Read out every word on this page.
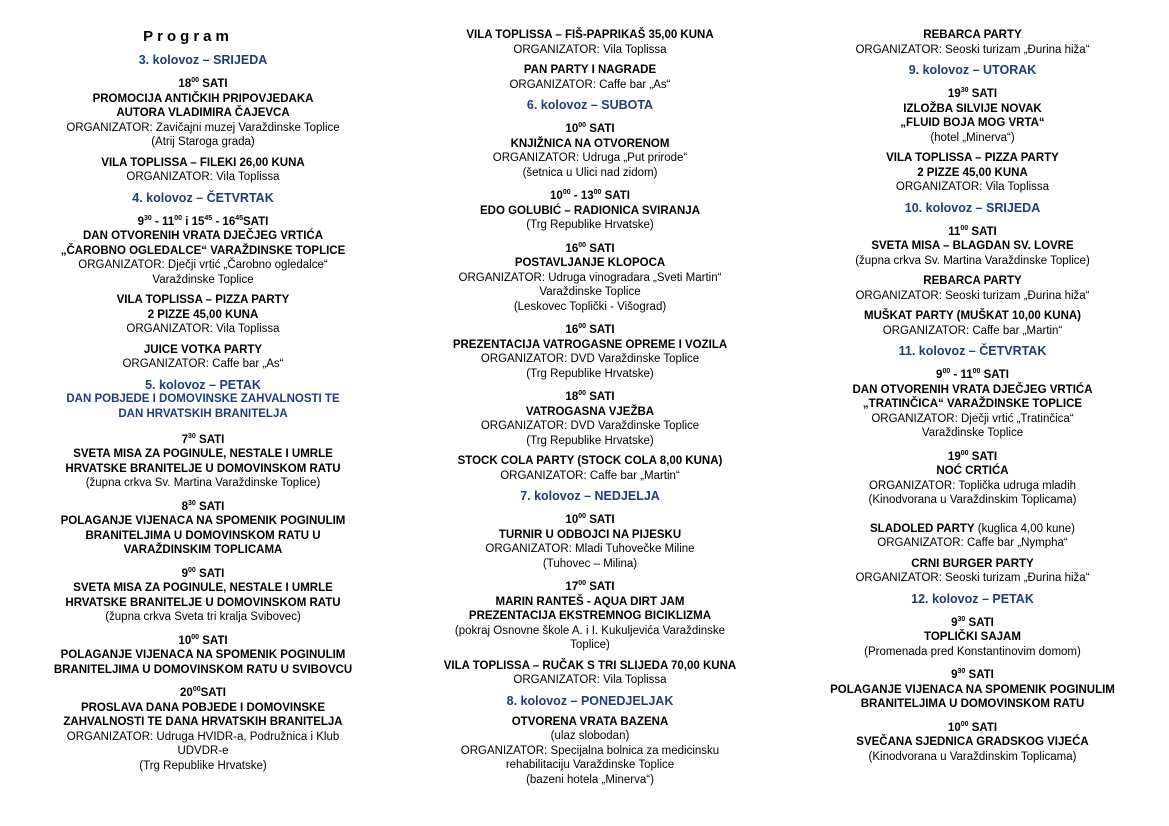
Program
3. kolovoz – SRIJEDA
$18^{00}$ SATI
PROMOCIJA ANTIČKIH PRIPOVJEDAKA
AUTORA VLADIMIRA ČAJEVCA
ORGANIZATOR: Zavičajni muzej Varaždinske Toplice
(Atrij Staroga grada)
VILA TOPLISSA – FILEKI 26,00 KUNA
ORGANIZATOR: Vila Toplissa
4. kolovoz – ČETVRTAK
$9^{30} - 11^{00}$ i $15^{45}$ - $16^{45}SATI$
DAN OTVORENIH VRATA DJEČJEG VRTIĆA
„ČAROBNO OGLEDALCE“ VARAŽDINSKE TOPLICE
ORGANIZATOR: Dječji vrtić „Čarobno ogledalce“
Varaždinske Toplice
VILA TOPLISSA – PIZZA PARTY
2 PIZZE 45,00 KUNA
ORGANIZATOR: Vila Toplissa
JUICE VOTKA PARTY
ORGANIZATOR: Caffe bar „As“
5. kolovoz – PETAK
DAN POBJEDE I DOMOVINSKE ZAHVALNOSTI TE
DAN HRVATSKIH BRANITELJA
$7^{30}$ SATI
SVETA MISA ZA POGINULE, NESTALE I UMRLE
HRVATSKE BRANITELJE U DOMOVINSKOM RATU
(župna crkva Sv. Martina Varaždinske Toplice)
$8^{30}$ SATI
POLAGANJE VIJENACA NA SPOMENIK POGINULIM
BRANITELJIMA U DOMOVINSKOM RATU U
VARAŽDINSKIM TOPLICAMA
$9^{00}$ SATI
SVETA MISA ZA POGINULE, NESTALE I UMRLE
HRVATSKE BRANITELJE U DOMOVINSKOM RATU
(župna crkva Sveta tri kralja Svibovec)
$10^{00}$ SATI
POLAGANJE VIJENACA NA SPOMENIK POGINULIM
BRANITELJIMA U DOMOVINSKOM RATU U SVIBOVCU
$20^{00}SATI$
PROSLAVA DANA POBJEDE I DOMOVINSKE
ZAHVALNOSTI TE DANA HRVATSKIH BRANITELJA
ORGANIZATOR: Udruga HVIDR-a, Podružnica i Klub
UDVDR-e
(Trg Republike Hrvatske)
VILA TOPLISSA – FIŠ-PAPRIKAŠ 35,00 KUNA
ORGANIZATOR: Vila Toplissa
PAN PARTY I NAGRADE
ORGANIZATOR: Caffe bar „As“
6. kolovoz – SUBOTA
$10^{00}$ SATI
KNJIŽNICA NA OTVORENOM
ORGANIZATOR: Udruga „Put prirode“
(šetnica u Ulici nad zidom)
$10^{00} - 13^{00}$ SATI
EDO GOLUBIĆ – RADIONICA SVIRANJA
(Trg Republike Hrvatske)
$16^{00}$ SATI
POSTAVLJANJE KLOPOCA
ORGANIZATOR: Udruga vinogradara „Sveti Martin“
Varaždinske Toplice
(Leskovec Toplički - Višograd)
$16^{00}$ SATI
PREZENTACIJA VATROGASNE OPREME I VOZILA
ORGANIZATOR: DVD Varaždinske Toplice
(Trg Republike Hrvatske)
$18^{00}$ SATI
VATROGASNA VJEŽBA
ORGANIZATOR: DVD Varaždinske Toplice
(Trg Republike Hrvatske)
STOCK COLA PARTY (STOCK COLA 8,00 KUNA)
ORGANIZATOR: Caffe bar „Martin“
7. kolovoz – NEDJELJA
$10^{00}$ SATI
TURNIR U ODBOJCI NA PIJESKU
ORGANIZATOR: Mladi Tuhovečke Miline
(Tuhovec – Milina)
$17^{00}$ SATI
MARIN RANTEŠ - AQUA DIRT JAM
PREZENTACIJA EKSTREMNOG BICIKLIZMA
(pokraj Osnovne škole A. i I. Kukuljevića Varaždinske
Toplice)
VILA TOPLISSA – RUČAK S TRI SLIJEDA 70,00 KUNA
ORGANIZATOR: Vila Toplissa
8. kolovoz – PONEDJELJAK
OTVORENA VRATA BAZENA
(ulaz slobodan)
ORGANIZATOR: Specijalna bolnica za medicinsku
rehabilitaciju Varaždinske Toplice
(bazeni hotela „Minerva“)
REBARCA PARTY
ORGANIZATOR: Seoski turizam „Đurina hiža“
9. kolovoz – UTORAK
$19^{30}$ SATI
IZLOŽBA SILVIJE NOVAK
„FLUID BOJA MOG VRTA“
(hotel „Minerva“)
VILA TOPLISSA – PIZZA PARTY
2 PIZZE 45,00 KUNA
ORGANIZATOR: Vila Toplissa
10. kolovoz – SRIJEDA
$11^{00}$ SATI
SVETA MISA – BLAGDAN SV. LOVRE
(župna crkva Sv. Martina Varaždinske Toplice)
REBARCA PARTY
ORGANIZATOR: Seoski turizam „Đurina hiža“
MUŠKAT PARTY (MUŠKAT 10,00 KUNA)
ORGANIZATOR: Caffe bar „Martin“
11. kolovoz – ČETVRTAK
$9^{00} - 11^{00}$ SATI
DAN OTVORENIH VRATA DJEČJEG VRTIĆA
„TRATINČICA“ VARAŽDINSKE TOPLICE
ORGANIZATOR: Dječji vrtić „Tratinčica“
Varaždinske Toplice
$19^{00}$ SATI
NOĆ CRTIĆA
ORGANIZATOR: Toplička udruga mladih
(Kinodvorana u Varaždinskim Toplicama)
SLADOLED PARTY (kuglica 4,00 kune)
ORGANIZATOR: Caffe bar „Nympha“
CRNI BURGER PARTY
ORGANIZATOR: Seoski turizam „Đurina hiža“
12. kolovoz – PETAK
$9^{30}$ SATI
TOPLIČKI SAJAM
(Promenada pred Konstantinovim domom)
$9^{30}$ SATI
POLAGANJE VIJENACA NA SPOMENIK POGINULIM
BRANITELJIMA U DOMOVINSKOM RATU
$10^{00}$ SATI
SVEČANA SJEDNICA GRADSKOG VIJEĆA
(Kinodvorana u Varaždinskim Toplicama)
